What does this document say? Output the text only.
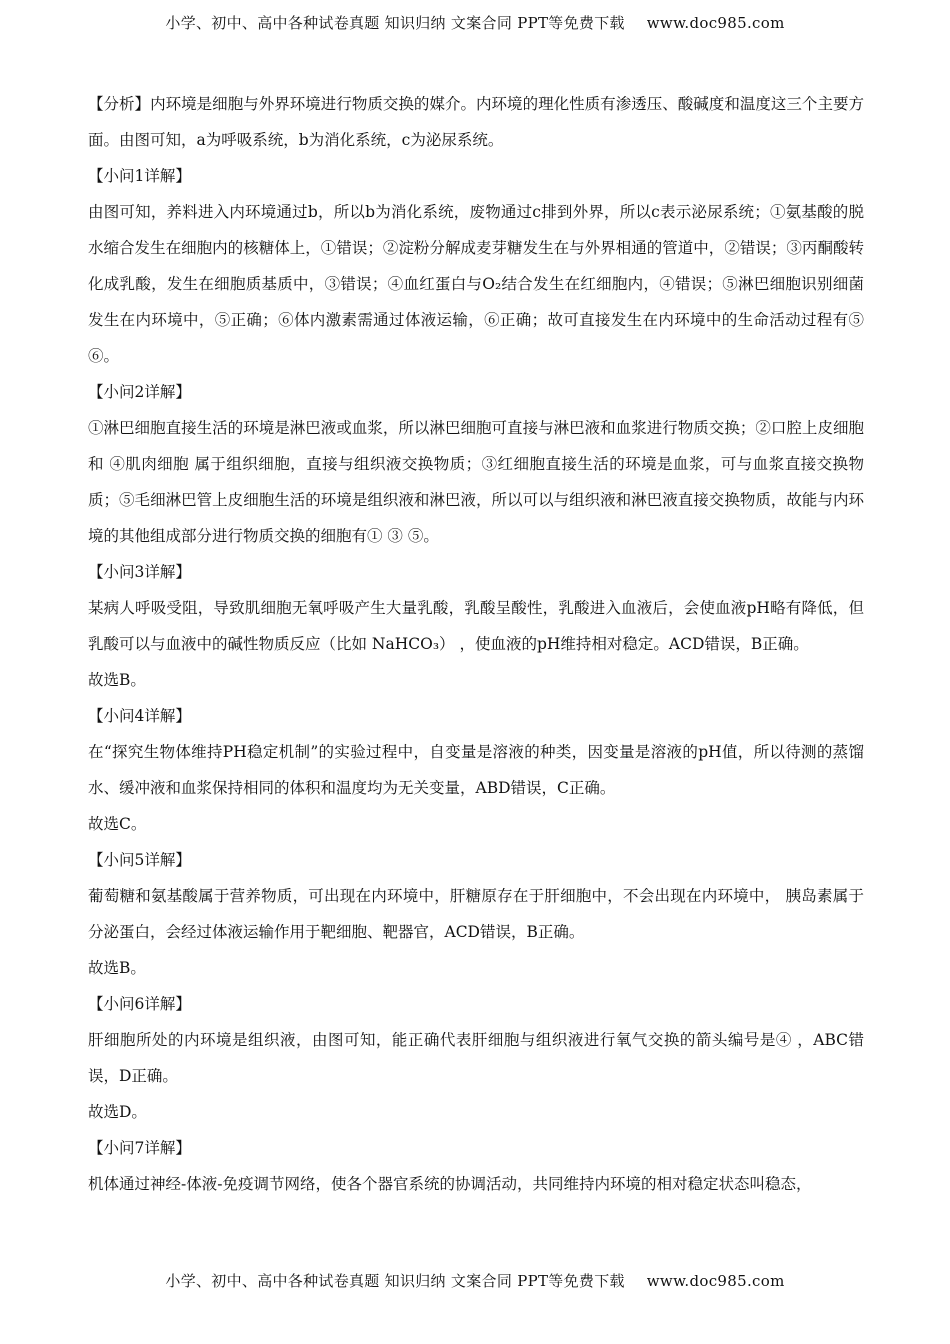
小学、初中、高中各种试卷真题 知识归纳 文案合同 PPT等免费下载 www.doc985.com

【分析】内环境是细胞与外界环境进行物质交换的媒介。内环境的理化性质有渗透压、酸碱度和温度这三个主要方面。由图可知，a为呼吸系统，b为消化系统，c为泌尿系统。

【小问1详解】

由图可知，养料进入内环境通过b，所以b为消化系统，废物通过c排到外界，所以c表示泌尿系统；①氨基酸的脱水缩合发生在细胞内的核糖体上，①错误；②淀粉分解成麦芽糖发生在与外界相通的管道中，②错误；③丙酮酸转化成乳酸，发生在细胞质基质中，③错误；④血红蛋白与O₂结合发生在红细胞内，④错误；⑤淋巴细胞识别细菌发生在内环境中，⑤正确；⑥体内激素需通过体液运输，⑥正确；故可直接发生在内环境中的生命活动过程有⑤⑥。

【小问2详解】

①淋巴细胞直接生活的环境是淋巴液或血浆，所以淋巴细胞可直接与淋巴液和血浆进行物质交换；②口腔上皮细胞 和 ④肌肉细胞 属于组织细胞，直接与组织液交换物质；③红细胞直接生活的环境是血浆，可与血浆直接交换物质；⑤毛细淋巴管上皮细胞生活的环境是组织液和淋巴液，所以可以与组织液和淋巴液直接交换物质，故能与内环境的其他组成部分进行物质交换的细胞有① ③ ⑤。

【小问3详解】

某病人呼吸受阻，导致肌细胞无氧呼吸产生大量乳酸，乳酸呈酸性，乳酸进入血液后，会使血液pH略有降低，但乳酸可以与血液中的碱性物质反应（比如 NaHCO₃） ，使血液的pH维持相对稳定。ACD错误，B正确。

故选B。

【小问4详解】

在“探究生物体维持PH稳定机制”的实验过程中，自变量是溶液的种类，因变量是溶液的pH值，所以待测的蒸馏水、缓冲液和血浆保持相同的体积和温度均为无关变量，ABD错误，C正确。

故选C。

【小问5详解】

葡萄糖和氨基酸属于营养物质，可出现在内环境中，肝糖原存在于肝细胞中，不会出现在内环境中， 胰岛素属于分泌蛋白，会经过体液运输作用于靶细胞、靶器官，ACD错误，B正确。

故选B。

【小问6详解】

肝细胞所处的内环境是组织液，由图可知，能正确代表肝细胞与组织液进行氧气交换的箭头编号是④ ，ABC错误，D正确。

故选D。

【小问7详解】

机体通过神经-体液-免疫调节网络，使各个器官系统的协调活动，共同维持内环境的相对稳定状态叫稳态，

小学、初中、高中各种试卷真题 知识归纳 文案合同 PPT等免费下载 www.doc985.com
